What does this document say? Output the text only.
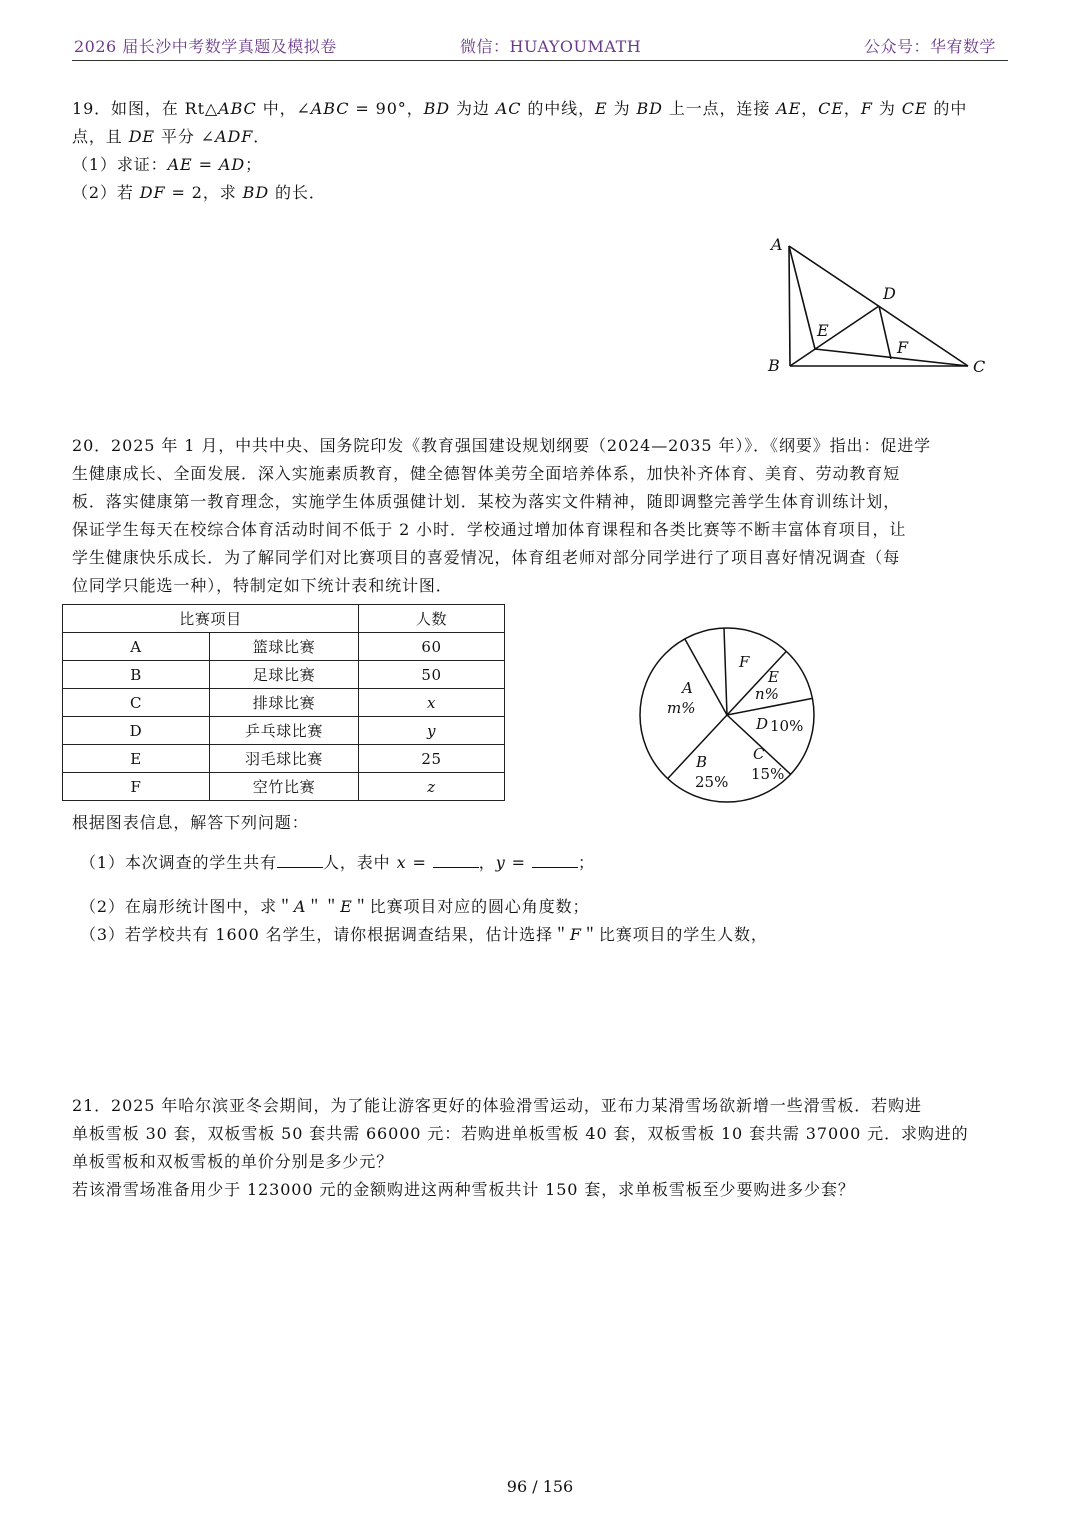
2026 届长沙中考数学真题及模拟卷	微信：HUAYOUMATH	公众号：华宥数学
19．如图，在 Rt△ABC 中，∠ABC = 90°，BD 为边 AC 的中线，E 为 BD 上一点，连接 AE，CE，F 为 CE 的中
点，且 DE 平分 ∠ADF．
（1）求证：AE = AD；
（2）若 DF = 2，求 BD 的长．
A
B	C
D
E
F
20．2025 年 1 月，中共中央、国务院印发《教育强国建设规划纲要（2024—2035 年）》．《纲要》指出：促进学
生健康成长、全面发展．深入实施素质教育，健全德智体美劳全面培养体系，加快补齐体育、美育、劳动教育短
板．落实健康第一教育理念，实施学生体质强健计划．某校为落实文件精神，随即调整完善学生体育训练计划，
保证学生每天在校综合体育活动时间不低于 2 小时．学校通过增加体育课程和各类比赛等不断丰富体育项目，让
学生健康快乐成长．为了解同学们对比赛项目的喜爱情况，体育组老师对部分同学进行了项目喜好情况调查（每
位同学只能选一种），特制定如下统计表和统计图．
比赛项目		人数
A	篮球比赛	60
B	足球比赛	50
C	排球比赛	x
D	乒乓球比赛	y
E	羽毛球比赛	25
F	空竹比赛	z
A
m%
B
25%
C
15%
D 10%
E
n%
F
根据图表信息，解答下列问题：
（1）本次调查的学生共有	人，表中 x =	，y =	；
（2）在扇形统计图中，求＂A＂＂E＂比赛项目对应的圆心角度数；
（3）若学校共有 1600 名学生，请你根据调查结果，估计选择＂F＂比赛项目的学生人数，
21．2025 年哈尔滨亚冬会期间，为了能让游客更好的体验滑雪运动，亚布力某滑雪场欲新增一些滑雪板．若购进
单板雪板 30 套，双板雪板 50 套共需 66000 元：若购进单板雪板 40 套，双板雪板 10 套共需 37000 元．求购进的
单板雪板和双板雪板的单价分别是多少元？
若该滑雪场准备用少于 123000 元的金额购进这两种雪板共计 150 套，求单板雪板至少要购进多少套？
96 / 156
